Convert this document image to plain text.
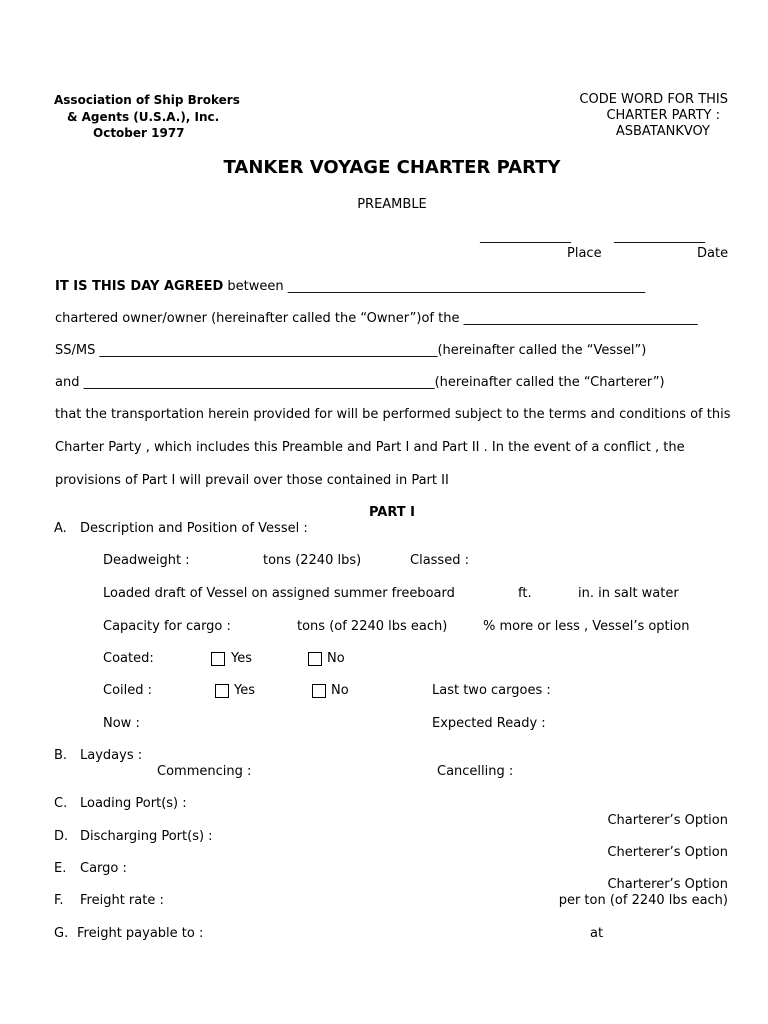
Association of Ship Brokers
& Agents (U.S.A.), Inc.
October 1977
CODE WORD FOR THIS
CHARTER PARTY :
ASBATANKVOY
TANKER VOYAGE CHARTER PARTY
PREAMBLE
______________	______________
Place	Date
IT IS THIS DAY AGREED between _______________________________________________________
chartered owner/owner (hereinafter called the “Owner”)of the ____________________________________
SS/MS ____________________________________________________(hereinafter called the “Vessel”)
and ______________________________________________________(hereinafter called the “Charterer”)
that the transportation herein provided for will be performed subject to the terms and conditions of this
Charter Party , which includes this Preamble and Part I and Part II . In the event of a conflict , the
provisions of Part I will prevail over those contained in Part II
PART I
A. Description and Position of Vessel :
Deadweight :	tons (2240 lbs)	Classed :
Loaded draft of Vessel on assigned summer freeboard	ft.	in. in salt water
Capacity for cargo :	tons (of 2240 lbs each)	% more or less , Vessel’s option
Coated:	Yes	No
Coiled :	Yes	No	Last two cargoes :
Now :	Expected Ready :
B. Laydays :
Commencing :	Cancelling :
C. Loading Port(s) :
Charterer’s Option
D. Discharging Port(s) :
Cherterer’s Option
E. Cargo :
Charterer’s Option
F. Freight rate :	per ton (of 2240 lbs each)
G. Freight payable to :	at
